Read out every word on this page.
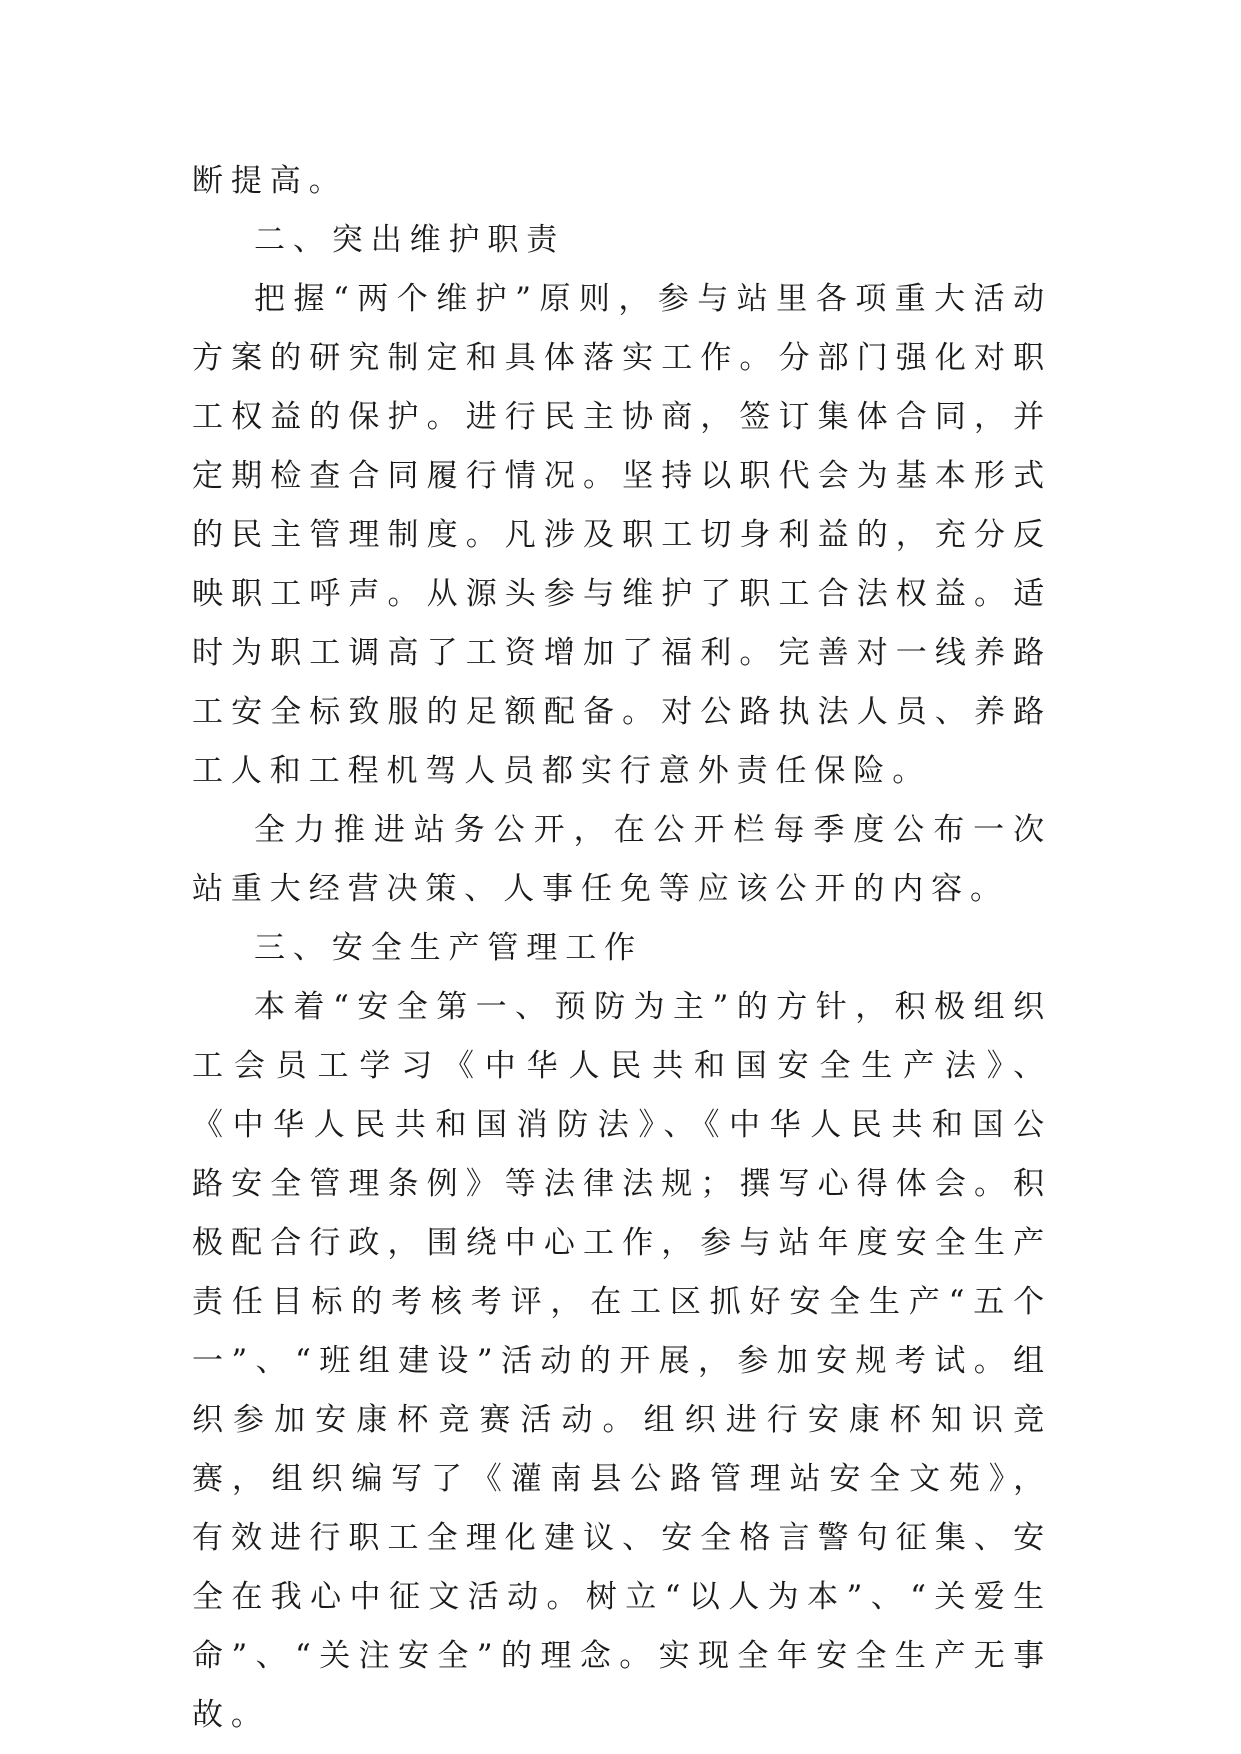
断提高。

二、突出维护职责

把握“两个维护”原则，参与站里各项重大活动方案的研究制定和具体落实工作。分部门强化对职工权益的保护。进行民主协商，签订集体合同，并定期检查合同履行情况。坚持以职代会为基本形式的民主管理制度。凡涉及职工切身利益的，充分反映职工呼声。从源头参与维护了职工合法权益。适时为职工调高了工资增加了福利。完善对一线养路工安全标致服的足额配备。对公路执法人员、养路工人和工程机驾人员都实行意外责任保险。

全力推进站务公开，在公开栏每季度公布一次站重大经营决策、人事任免等应该公开的内容。

三、安全生产管理工作

本着“安全第一、预防为主”的方针，积极组织工会员工学习《中华人民共和国安全生产法》、《中华人民共和国消防法》、《中华人民共和国公路安全管理条例》等法律法规；撰写心得体会。积极配合行政，围绕中心工作，参与站年度安全生产责任目标的考核考评，在工区抓好安全生产“五个一”、“班组建设”活动的开展，参加安规考试。组织参加安康杯竞赛活动。组织进行安康杯知识竞赛，组织编写了《灌南县公路管理站安全文苑》，有效进行职工全理化建议、安全格言警句征集、安全在我心中征文活动。树立“以人为本”、“关爱生命”、“关注安全”的理念。实现全年安全生产无事故。
